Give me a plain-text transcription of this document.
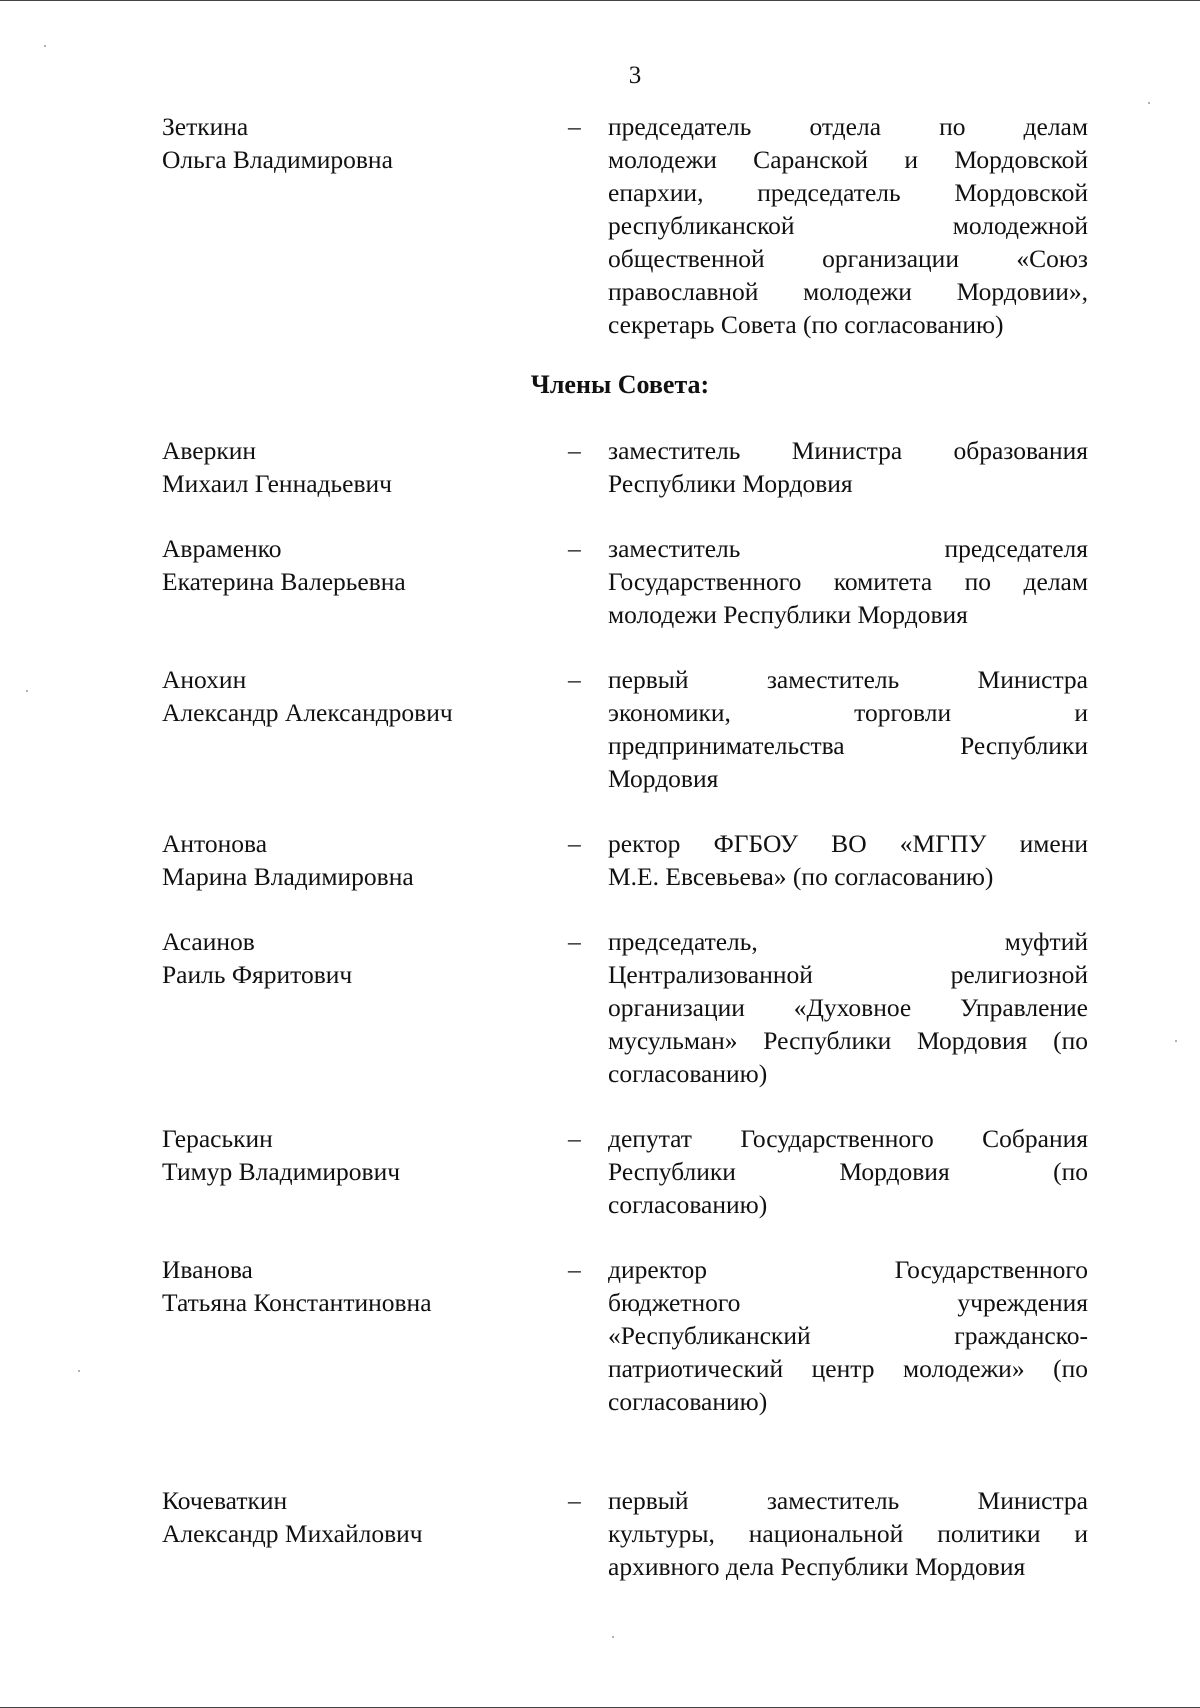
3
Зеткина
Ольга Владимировна
– председатель отдела по делам
молодежи Саранской и Мордовской
епархии, председатель Мордовской
республиканской молодежной
общественной организации «Союз
православной молодежи Мордовии»,
секретарь Совета (по согласованию)
Члены Совета:
Аверкин
Михаил Геннадьевич
– заместитель Министра образования
Республики Мордовия
Авраменко
Екатерина Валерьевна
– заместитель председателя
Государственного комитета по делам
молодежи Республики Мордовия
Анохин
Александр Александрович
– первый заместитель Министра
экономики, торговли и
предпринимательства Республики
Мордовия
Антонова
Марина Владимировна
– ректор ФГБОУ ВО «МГПУ имени
М.Е. Евсевьева» (по согласованию)
Асаинов
Раиль Фяритович
– председатель, муфтий
Централизованной религиозной
организации «Духовное Управление
мусульман» Республики Мордовия (по
согласованию)
Гераськин
Тимур Владимирович
– депутат Государственного Собрания
Республики Мордовия (по
согласованию)
Иванова
Татьяна Константиновна
– директор Государственного
бюджетного учреждения
«Республиканский гражданско-
патриотический центр молодежи» (по
согласованию)
Кочеваткин
Александр Михайлович
– первый заместитель Министра
культуры, национальной политики и
архивного дела Республики Мордовия
